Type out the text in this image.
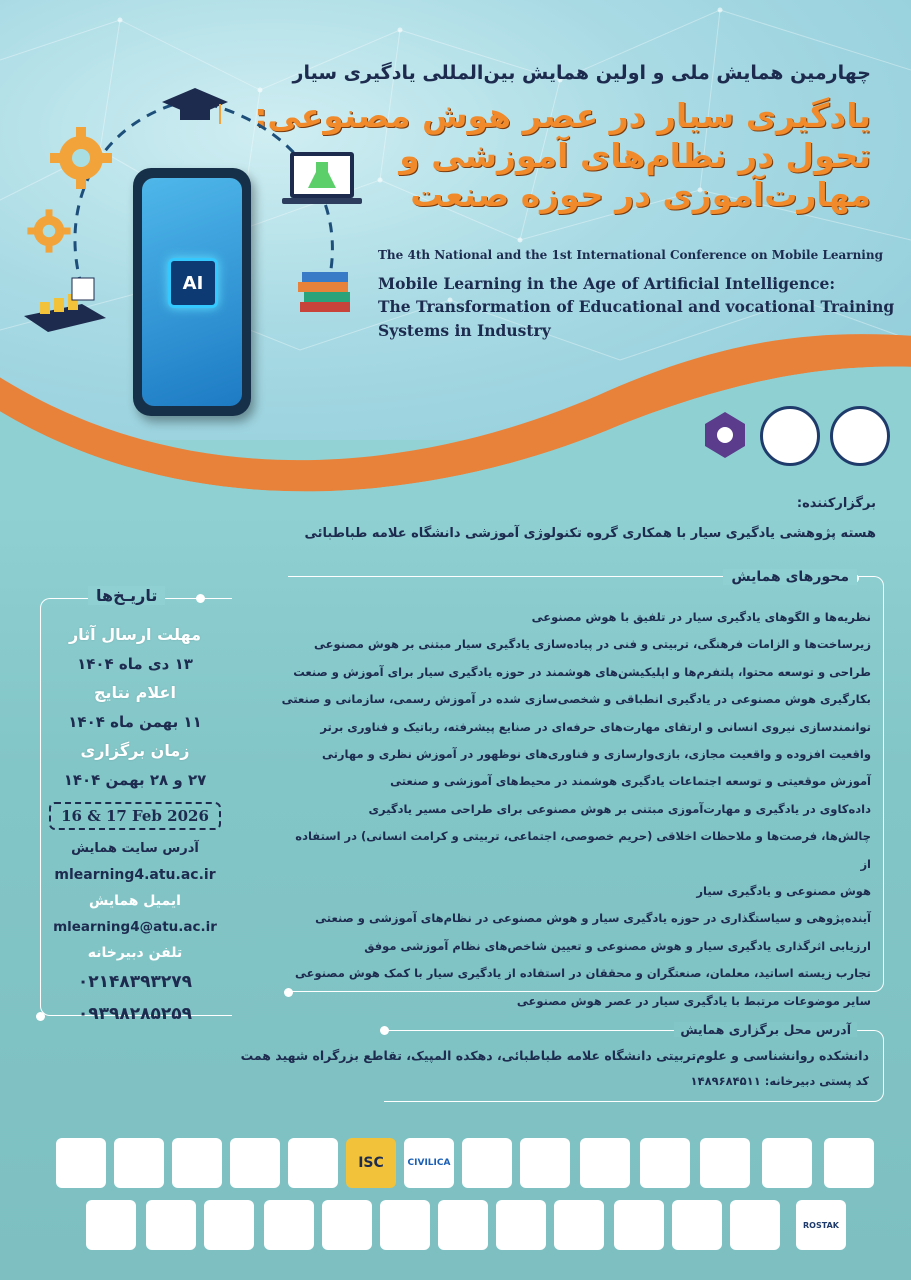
چهارمین همایش ملی و اولین همایش بین‌المللی یادگیری سیار
یادگیری سیار در عصر هوش مصنوعی:
تحول در نظام‌های آموزشی و
مهارت‌آموزی در حوزه صنعت
The 4th National and the 1st International Conference on Mobile Learning
Mobile Learning in the Age of Artificial Intelligence:
The Transformation of Educational and vocational Training
Systems in Industry
AI
برگزارکننده:
هسته پژوهشی یادگیری سیار با همکاری گروه تکنولوژی آموزشی دانشگاه علامه طباطبائی
محورهای همایش
نظریه‌ها و الگوهای یادگیری سیار در تلفیق با هوش مصنوعی
زیرساخت‌ها و الزامات فرهنگی، تربیتی و فنی در پیاده‌سازی یادگیری سیار مبتنی بر هوش مصنوعی
طراحی و توسعه محتوا، پلتفرم‌ها و اپلیکیشن‌های هوشمند در حوزه یادگیری سیار برای آموزش و صنعت
بکارگیری هوش مصنوعی در یادگیری انطباقی و شخصی‌سازی شده در آموزش رسمی، سازمانی و صنعتی
توانمندسازی نیروی انسانی و ارتقای مهارت‌های حرفه‌ای در صنایع پیشرفته، رباتیک و فناوری برتر
واقعیت افزوده و واقعیت مجازی، بازی‌وارسازی و فناوری‌های نوظهور در آموزش نظری و مهارتی
آموزش موقعیتی و توسعه اجتماعات یادگیری هوشمند در محیط‌های آموزشی و صنعتی
داده‌کاوی در یادگیری و مهارت‌آموزی مبتنی بر هوش مصنوعی برای طراحی مسیر یادگیری
چالش‌ها، فرصت‌ها و ملاحظات اخلاقی (حریم خصوصی، اجتماعی، تربیتی و کرامت انسانی) در استفاده از
هوش مصنوعی و یادگیری سیار
آینده‌پژوهی و سیاستگذاری در حوزه یادگیری سیار و هوش مصنوعی در نظام‌های آموزشی و صنعتی
ارزیابی اثرگذاری یادگیری سیار و هوش مصنوعی و تعیین شاخص‌های نظام آموزشی موفق
تجارب زیسته اساتید، معلمان، صنعتگران و محققان در استفاده از یادگیری سیار با کمک هوش مصنوعی
سایر موضوعات مرتبط با یادگیری سیار در عصر هوش مصنوعی
تاریـخ‌ها
مهلت ارسال آثار
۱۳ دی ماه ۱۴۰۴
اعلام نتایج
۱۱ بهمن ماه ۱۴۰۴
زمان برگزاری
۲۷ و ۲۸ بهمن ۱۴۰۴
16 & 17 Feb 2026
آدرس سایت همایش
mlearning4.atu.ac.ir
ایمیل همایش
mlearning4@atu.ac.ir
تلفن دبیرخانه
۰۲۱۴۸۳۹۳۲۷۹
۰۹۳۹۸۲۸۵۲۵۹
آدرس محل برگزاری همایش
دانشکده روانشناسی و علوم‌تربیتی دانشگاه علامه طباطبائی، دهکده المپیک، تقاطع بزرگراه شهید همت
کد پستی دبیرخانه: ۱۴۸۹۶۸۴۵۱۱
CIVILICA
ISC
ROSTAK
